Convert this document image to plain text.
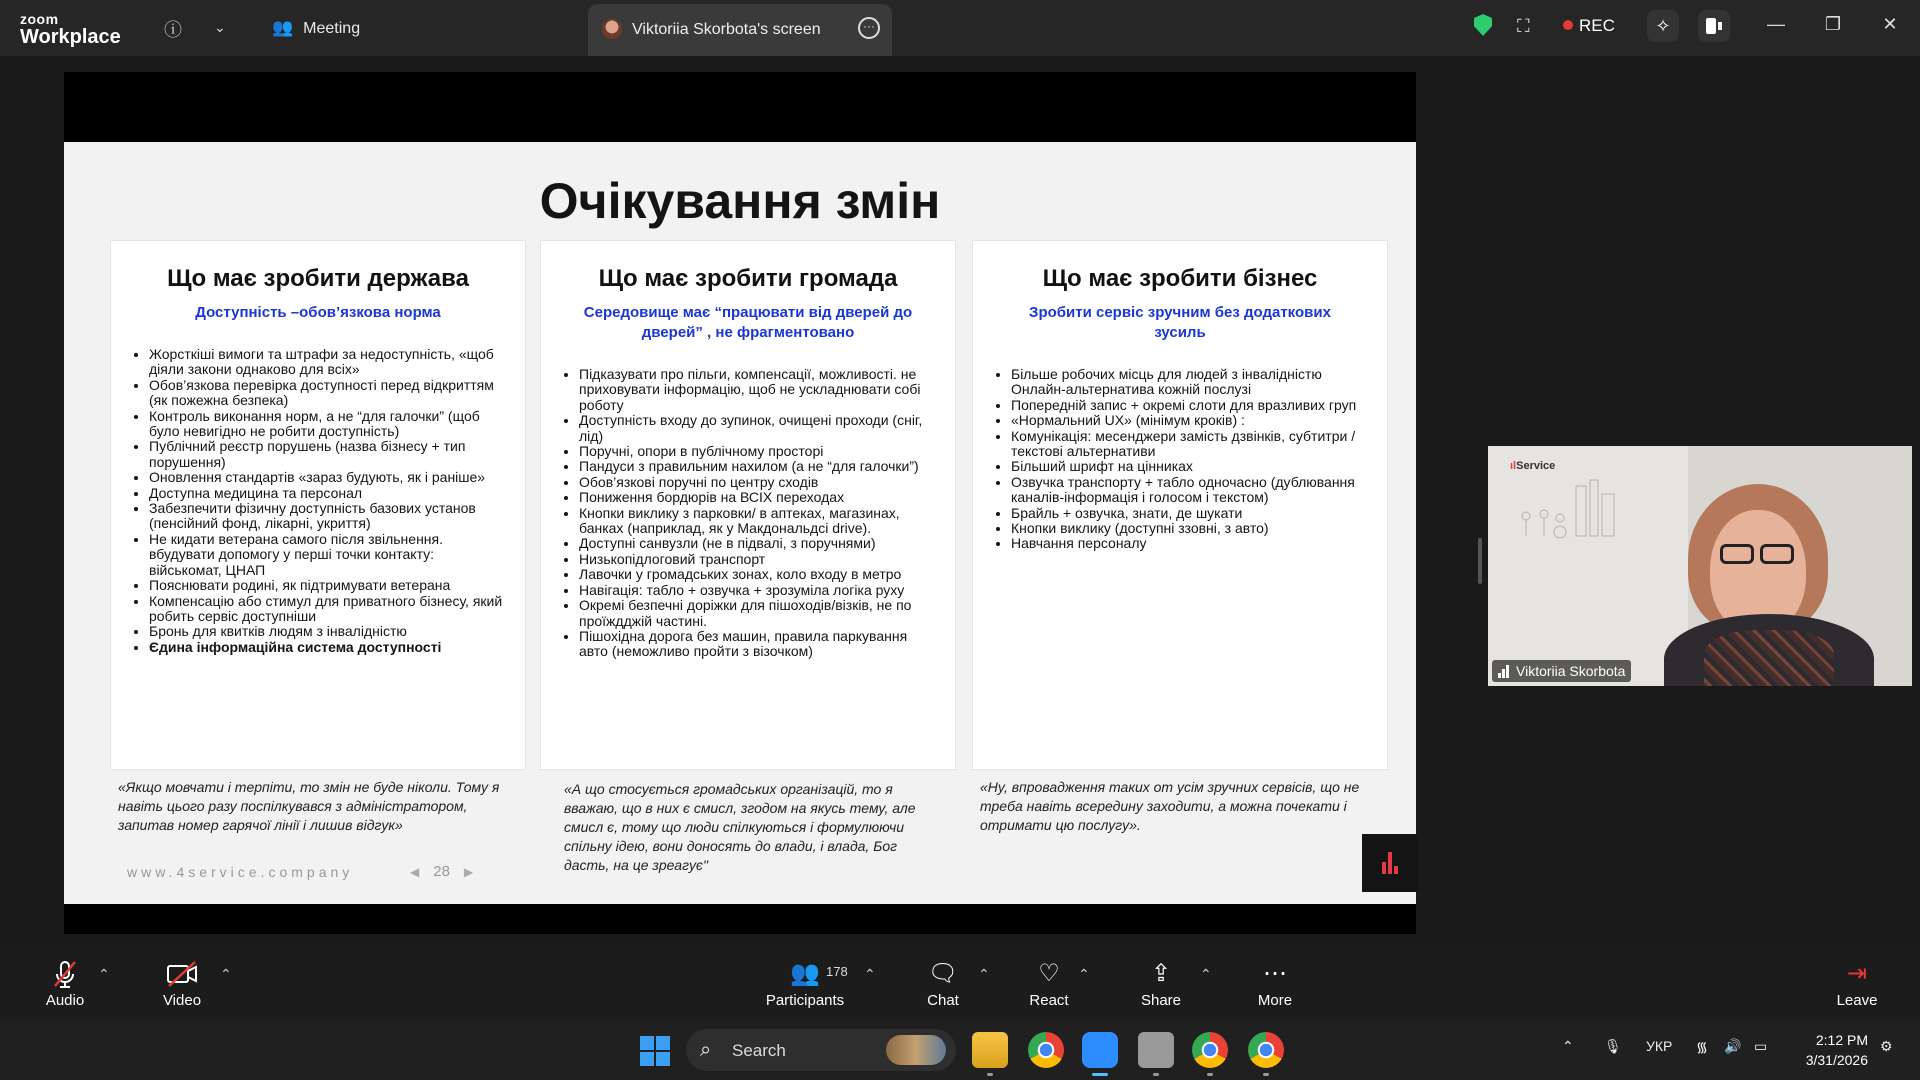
zoom
Workplace ⓘ ⌄	👥 Meeting	Viktoriia Skorbota's screen	···	⛶	REC	✧	— ❐ ✕
Очікування змін
Що має зробити держава
Доступність –обов’язкова норма
• Жорсткіші вимоги та штрафи за недоступність, «щоб діяли закони однаково для всіх»
• Обов’язкова перевірка доступності перед відкриттям (як пожежна безпека)
• Контроль виконання норм, а не “для галочки” (щоб було невигідно не робити доступність)
• Публічний реєстр порушень (назва бізнесу + тип порушення)
• Оновлення стандартів «зараз будують, як і раніше»
• Доступна медицина та персонал
• Забезпечити фізичну доступність базових установ (пенсійний фонд, лікарні, укриття)
• Не кидати ветерана самого після звільнення. вбудувати допомогу у перші точки контакту: військомат, ЦНАП
• Пояснювати родині, як підтримувати ветерана
• Компенсацію або стимул для приватного бізнесу, який робить сервіс доступніши
• Бронь для квитків людям з інвалідністю
• Єдина інформаційна система доступності
Що має зробити громада
Середовище має “працювати від дверей до дверей” , не фрагментовано
• Підказувати про пільги, компенсації, можливості. не приховувати інформацію, щоб не ускладнювати собі роботу
• Доступність входу до зупинок, очищені проходи (сніг, лід)
• Поручні, опори в публічному просторі
• Пандуси з правильним нахилом (а не “для галочки”)
• Обов’язкові поручні по центру сходів
• Пониження бордюрів на ВСІХ переходах
• Кнопки виклику з парковки/ в аптеках, магазинах, банках (наприклад, як у Макдональдсі drive).
• Доступні санвузли (не в підвалі, з поручнями)
• Низькопідлоговий транспорт
• Лавочки у громадських зонах, коло входу в метро
• Навігація: табло + озвучка + зрозуміла логіка руху
• Окремі безпечні доріжки для пішоходів/візків, не по проїждджій частині.
• Пішохідна дорога без машин, правила паркування авто (неможливо пройти з візочком)
Що має зробити бізнес
Зробити сервіс зручним без додаткових зусиль
• Більше робочих місць для людей з інвалідністю Онлайн-альтернатива кожній послузі
• Попередній запис + окремі слоти для вразливих груп
• «Нормальний UX» (мінімум кроків) :
• Комунікація: месенджери замість дзвінків, субтитри / текстові альтернативи
• Більший шрифт на цінниках
• Озвучка транспорту + табло одночасно (дублювання каналів-інформація і голосом і текстом)
• Брайль + озвучка, знати, де шукати
• Кнопки виклику (доступні ззовні, з авто)
• Навчання персоналу
«Якщо мовчати і терпіти, то змін не буде ніколи. Тому я навіть цього разу поспілкувався з адміністратором, запитав номер гарячої лінії і лишив відгук»
«А що стосується громадських організацій, то я вважаю, що в них є смисл, згодом на якусь тему, але смисл є, тому що люди спілкуються і формулюючи спільну ідею, вони доносять до влади, і влада, Бог дасть, на це зреагує"
«Ну, впровадження таких от усім зручних сервісів, що не треба навіть всередину заходити, а можна почекати і отримати цю послугу».
www.4service.company	◀ 28 ▶
ılService
Viktoriia Skorbota
Audio
⌃
Video
⌃	👥
Participants
178 ⌃	🗨
Chat
⌃	♡
React
⌃	⇪
Share
⌃	⋯
More
⇥
Leave
⌕ Search	⌃ 🎙 УКР ᯾ 🔊 ▭	2:12 PM
3/31/2026
⚙
